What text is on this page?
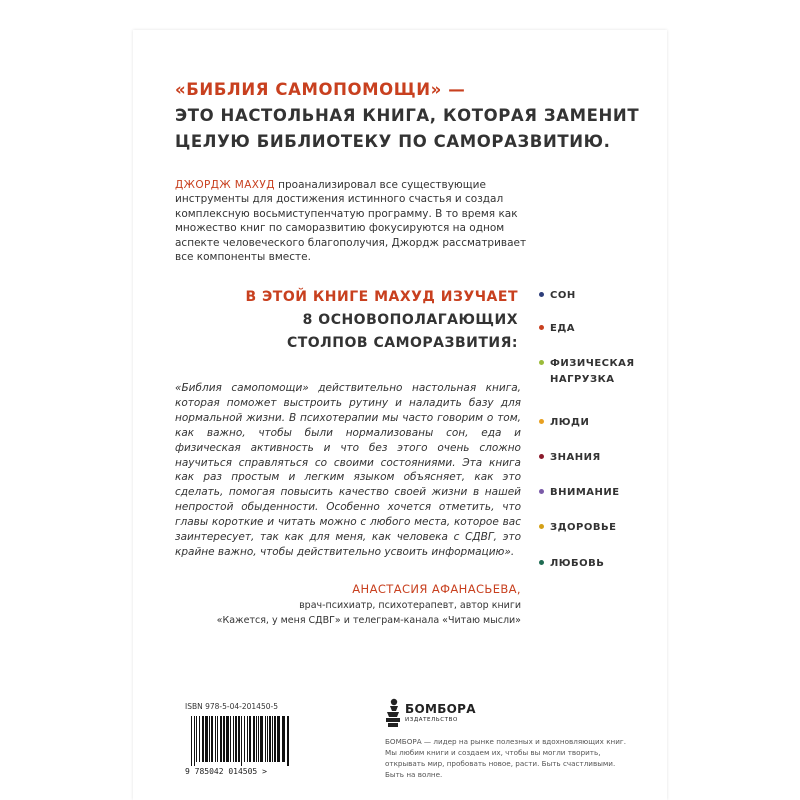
«БИБЛИЯ САМОПОМОЩИ» —
ЭТО НАСТОЛЬНАЯ КНИГА, КОТОРАЯ ЗАМЕНИТ
ЦЕЛУЮ БИБЛИОТЕКУ ПО САМОРАЗВИТИЮ.
ДЖОРДЖ МАХУД проанализировал все существующие инструменты для достижения истинного счастья и создал комплексную восьмиступенчатую программу. В то время как множество книг по саморазвитию фокусируются на одном аспекте человеческого благополучия, Джордж рассматривает все компоненты вместе.
В ЭТОЙ КНИГЕ МАХУД ИЗУЧАЕТ
8 ОСНОВОПОЛАГАЮЩИХ
СТОЛПОВ САМОРАЗВИТИЯ:
СОН
ЕДА
ФИЗИЧЕСКАЯ НАГРУЗКА
ЛЮДИ
ЗНАНИЯ
ВНИМАНИЕ
ЗДОРОВЬЕ
ЛЮБОВЬ
«Библия самопомощи» действительно настольная книга, которая поможет выстроить рутину и наладить базу для нормальной жизни. В психотерапии мы часто говорим о том, как важно, чтобы были нормализованы сон, еда и физическая активность и что без этого очень сложно научиться справляться со своими состояниями. Эта книга как раз простым и легким языком объясняет, как это сделать, помогая повысить качество своей жизни в нашей непростой обыденности. Особенно хочется отметить, что главы короткие и читать можно с любого места, которое вас заинтересует, так как для меня, как человека с СДВГ, это крайне важно, чтобы действительно усвоить информацию».
АНАСТАСИЯ АФАНАСЬЕВА,
врач-психиатр, психотерапевт, автор книги
«Кажется, у меня СДВГ» и телеграм-канала «Читаю мысли»
ISBN 978-5-04-201450-5
9 785042 014505 >
БОМБОРА
ИЗДАТЕЛЬСТВО
БОМБОРА — лидер на рынке полезных и вдохновляющих книг. Мы любим книги и создаем их, чтобы вы могли творить, открывать мир, пробовать новое, расти. Быть счастливыми. Быть на волне.
